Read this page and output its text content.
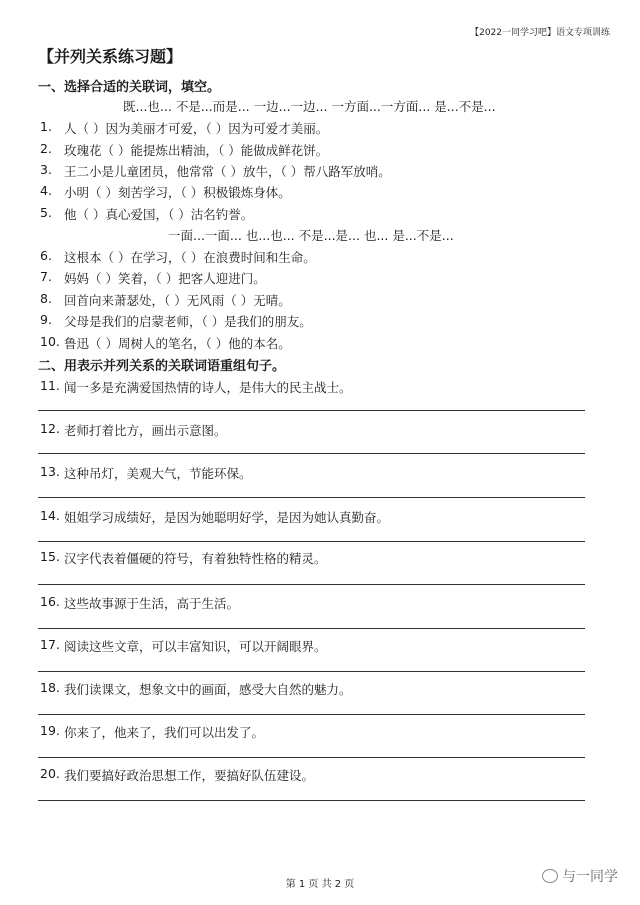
【2022一同学习吧】语文专项训练
【并列关系练习题】
一、选择合适的关联词，填空。
既...也... 不是...而是... 一边...一边... 一方面...一方面... 是...不是...
1. 人（ ）因为美丽才可爱，（ ）因为可爱才美丽。
2. 玫瑰花（ ）能提炼出精油，（ ）能做成鲜花饼。
3. 王二小是儿童团员，他常常（ ）放牛，（ ）帮八路军放哨。
4. 小明（ ）刻苦学习，（ ）积极锻炼身体。
5. 他（ ）真心爱国，（ ）沽名钓誉。
一面...一面... 也...也... 不是...是... 也... 是...不是...
6. 这根本（ ）在学习，（ ）在浪费时间和生命。
7. 妈妈（ ）笑着，（ ）把客人迎进门。
8. 回首向来萧瑟处，（ ）无风雨（ ）无晴。
9. 父母是我们的启蒙老师，（ ）是我们的朋友。
10. 鲁迅（ ）周树人的笔名，（ ）他的本名。
二、用表示并列关系的关联词语重组句子。
11. 闻一多是充满爱国热情的诗人，是伟大的民主战士。
12. 老师打着比方，画出示意图。
13. 这种吊灯，美观大气，节能环保。
14. 姐姐学习成绩好，是因为她聪明好学，是因为她认真勤奋。
15. 汉字代表着僵硬的符号，有着独特性格的精灵。
16. 这些故事源于生活，高于生活。
17. 阅读这些文章，可以丰富知识，可以开阔眼界。
18. 我们读课文，想象文中的画面，感受大自然的魅力。
19. 你来了，他来了，我们可以出发了。
20. 我们要搞好政治思想工作，要搞好队伍建设。
第 1 页 共 2 页	与一同学
